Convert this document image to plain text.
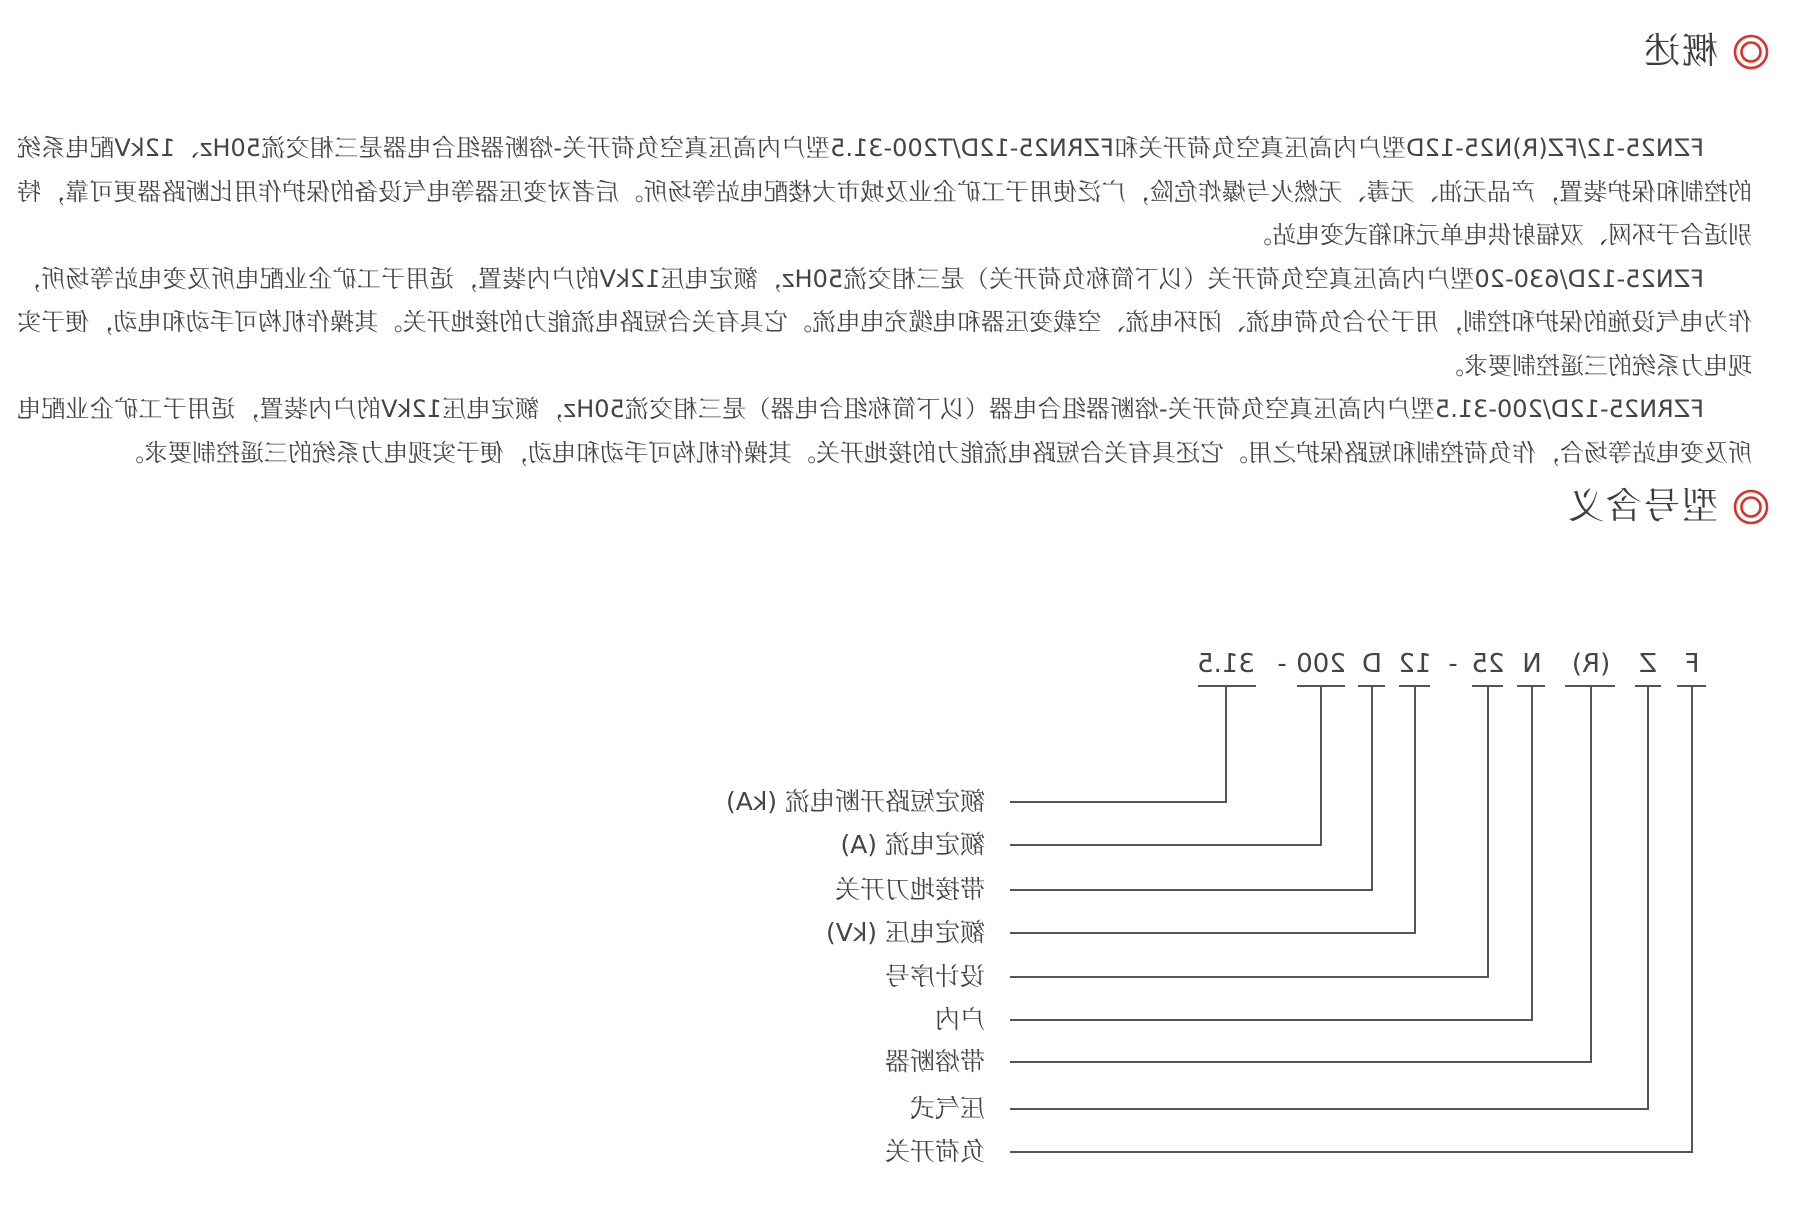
概述

FZN25-12/FZ(R)N25-12D型户内高压真空负荷开关和FZRN25-12D/T200-31.5型户内高压真空负荷开关-熔断器组合电器是三相交流50Hz、12kV配电系统的控制和保护装置，产品无油、无毒、无燃火与爆炸危险，广泛使用于工矿企业及城市大楼配电站等场所。后者对变压器等电气设备的保护作用比断路器更可靠，特别适合于环网、双辐射供电单元和箱式变电站。

FZN25-12D/630-20型户内高压真空负荷开关（以下简称负荷开关）是三相交流50Hz，额定电压12kV的户内装置，适用于工矿企业配电所及变电站等场所，作为电气设施的保护和控制，用于分合负荷电流、闭环电流、空载变压器和电缆充电电流。它具有关合短路电流能力的接地开关。其操作机构可手动和电动，便于实现电力系统的三遥控制要求。

FZRN25-12D/200-31.5型户内高压真空负荷开关-熔断器组合电器（以下简称组合电器）是三相交流50Hz，额定电压12kV的户内装置，适用于工矿企业配电所及变电站等场合，作负荷控制和短路保护之用。它还具有关合短路电流能力的接地开关。其操作机构可手动和电动，便于实现电力系统的三遥控制要求。

型号含义
F
Z
(R)
N
25
-
12
D
200
-
31.5
负荷开关
压气式
带熔断器
户内
设计序号
额定电压 (kV)
带接地刀开关
额定电流 (A)
额定短路开断电流 (kA)
